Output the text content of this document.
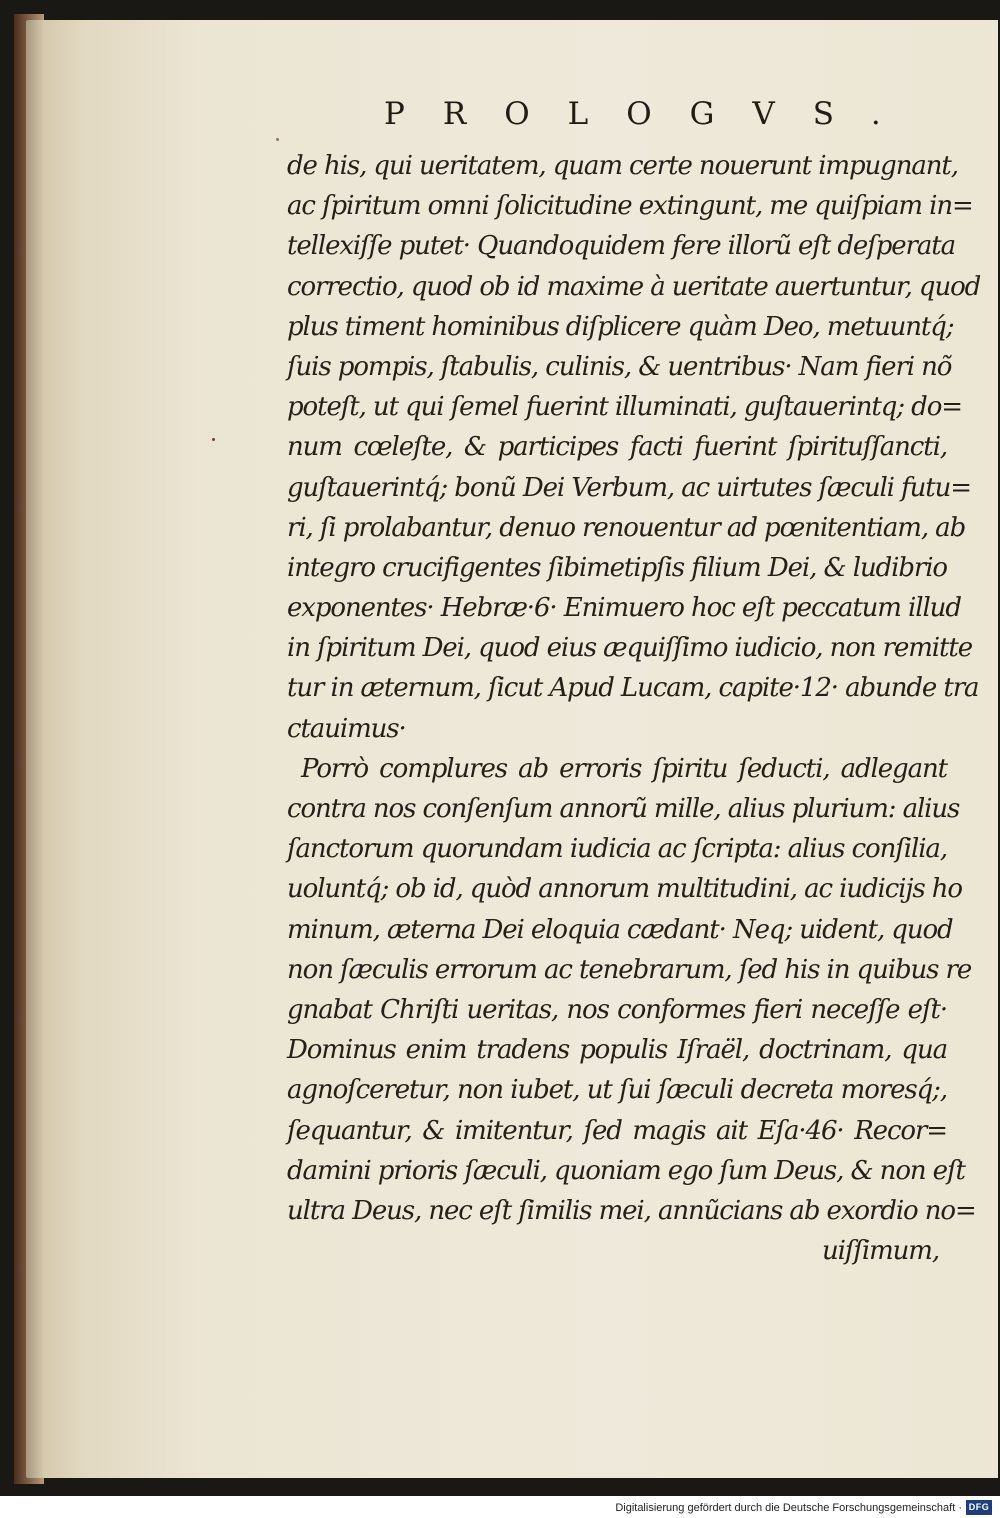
PROLOGVS.
de his, qui ueritatem, quam certe nouerunt impugnant,
ac ſpiritum omni ſolicitudine extingunt, me quiſpiam in=
tellexiſſe putet· Quandoquidem fere illorũ eſt deſperata
correctio, quod ob id maxime à ueritate auertuntur, quod
plus timent hominibus diſplicere quàm Deo, metuuntq́;
ſuis pompis, ſtabulis, culinis, & uentribus· Nam fieri nõ
poteſt, ut qui ſemel fuerint illuminati, guſtauerintq; do=
num cœleſte, & participes facti fuerint ſpirituſſancti,
guſtauerintq́; bonũ Dei Verbum, ac uirtutes ſæculi futu=
ri, ſi prolabantur, denuo renouentur ad pœnitentiam, ab
integro crucifigentes ſibimetipſis filium Dei, & ludibrio
exponentes· Hebræ·6· Enimuero hoc eſt peccatum illud
in ſpiritum Dei, quod eius æquiſſimo iudicio, non remitte
tur in æternum, ſicut Apud Lucam, capite·12· abunde tra
ctauimus·
Porrò complures ab erroris ſpiritu ſeducti, adlegant
contra nos conſenſum annorũ mille, alius plurium: alius
ſanctorum quorundam iudicia ac ſcripta: alius conſilia,
uoluntq́; ob id, quòd annorum multitudini, ac iudicijs ho
minum, æterna Dei eloquia cædant· Neq; uident, quod
non ſæculis errorum ac tenebrarum, ſed his in quibus re
gnabat Chriſti ueritas, nos conformes fieri neceſſe eſt·
Dominus enim tradens populis Iſraël, doctrinam, qua
agnoſceretur, non iubet, ut ſui ſæculi decreta moresq́;,
ſequantur, & imitentur, ſed magis ait Eſa·46· Recor=
damini prioris ſæculi, quoniam ego ſum Deus, & non eſt
ultra Deus, nec eſt ſimilis mei, annũcians ab exordio no=
uiſſimum,
Digitalisierung gefördert durch die Deutsche Forschungsgemeinschaft · DFG
